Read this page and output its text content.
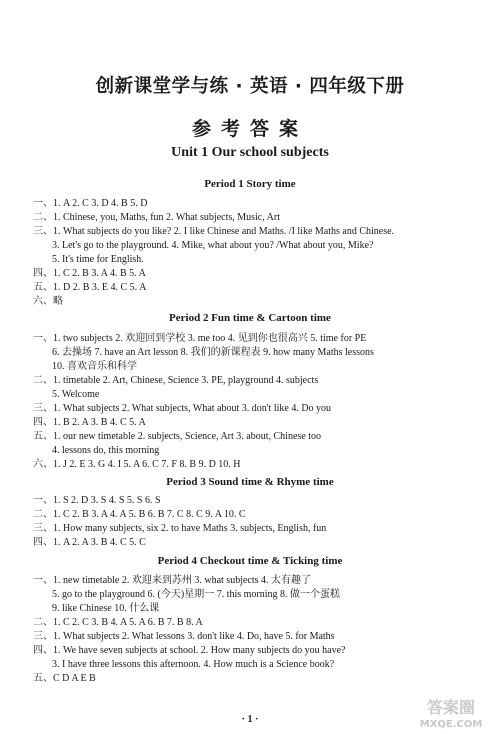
创新课堂学与练 · 英语 · 四年级下册
参考答案
Unit 1 Our school subjects
Period 1 Story time
一、1. A 2. C 3. D 4. B 5. D
二、1. Chinese, you, Maths, fun 2. What subjects, Music, Art
三、1. What subjects do you like? 2. I like Chinese and Maths. /I like Maths and Chinese.
3. Let's go to the playground. 4. Mike, what about you? /What about you, Mike?
5. It's time for English.
四、1. C 2. B 3. A 4. B 5. A
五、1. D 2. B 3. E 4. C 5. A
六、略
Period 2 Fun time & Cartoon time
一、1. two subjects 2. 欢迎回到学校 3. me too 4. 见到你也很高兴 5. time for PE
6. 去操场 7. have an Art lesson 8. 我们的新课程表 9. how many Maths lessons
10. 喜欢音乐和科学
二、1. timetable 2. Art, Chinese, Science 3. PE, playground 4. subjects
5. Welcome
三、1. What subjects 2. What subjects, What about 3. don't like 4. Do you
四、1. B 2. A 3. B 4. C 5. A
五、1. our new timetable 2. subjects, Science, Art 3. about, Chinese too
4. lessons do, this morning
六、1. J 2. E 3. G 4. I 5. A 6. C 7. F 8. B 9. D 10. H
Period 3 Sound time & Rhyme time
一、1. S 2. D 3. S 4. S 5. S 6. S
二、1. C 2. B 3. A 4. A 5. B 6. B 7. C 8. C 9. A 10. C
三、1. How many subjects, six 2. to have Maths 3. subjects, English, fun
四、1. A 2. A 3. B 4. C 5. C
Period 4 Checkout time & Ticking time
一、1. new timetable 2. 欢迎来到苏州 3. what subjects 4. 太有趣了
5. go to the playground 6. (今天)星期一 7. this morning 8. 做一个蛋糕
9. like Chinese 10. 什么课
二、1. C 2. C 3. B 4. A 5. A 6. B 7. B 8. A
三、1. What subjects 2. What lessons 3. don't like 4. Do, have 5. for Maths
四、1. We have seven subjects at school. 2. How many subjects do you have?
3. I have three lessons this afternoon. 4. How much is a Science book?
五、C D A E B
· 1 ·
答案圈
MXQE.COM
